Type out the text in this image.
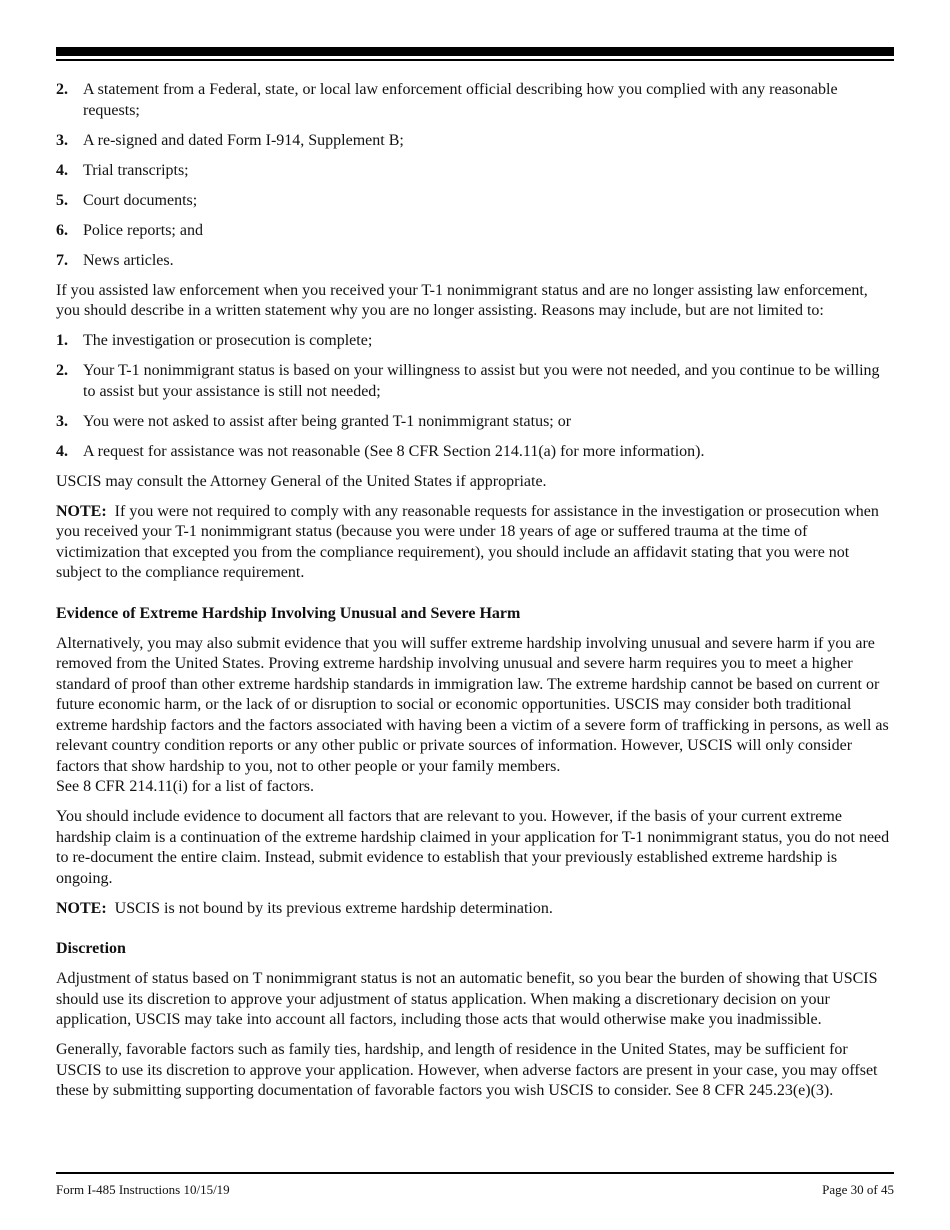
2. A statement from a Federal, state, or local law enforcement official describing how you complied with any reasonable requests;
3. A re-signed and dated Form I-914, Supplement B;
4. Trial transcripts;
5. Court documents;
6. Police reports; and
7. News articles.

If you assisted law enforcement when you received your T-1 nonimmigrant status and are no longer assisting law enforcement, you should describe in a written statement why you are no longer assisting. Reasons may include, but are not limited to:

1. The investigation or prosecution is complete;
2. Your T-1 nonimmigrant status is based on your willingness to assist but you were not needed, and you continue to be willing to assist but your assistance is still not needed;
3. You were not asked to assist after being granted T-1 nonimmigrant status; or
4. A request for assistance was not reasonable (See 8 CFR Section 214.11(a) for more information).

USCIS may consult the Attorney General of the United States if appropriate.

NOTE: If you were not required to comply with any reasonable requests for assistance in the investigation or prosecution when you received your T-1 nonimmigrant status (because you were under 18 years of age or suffered trauma at the time of victimization that excepted you from the compliance requirement), you should include an affidavit stating that you were not subject to the compliance requirement.

Evidence of Extreme Hardship Involving Unusual and Severe Harm

Alternatively, you may also submit evidence that you will suffer extreme hardship involving unusual and severe harm if you are removed from the United States. Proving extreme hardship involving unusual and severe harm requires you to meet a higher standard of proof than other extreme hardship standards in immigration law. The extreme hardship cannot be based on current or future economic harm, or the lack of or disruption to social or economic opportunities. USCIS may consider both traditional extreme hardship factors and the factors associated with having been a victim of a severe form of trafficking in persons, as well as relevant country condition reports or any other public or private sources of information. However, USCIS will only consider factors that show hardship to you, not to other people or your family members.
See 8 CFR 214.11(i) for a list of factors.

You should include evidence to document all factors that are relevant to you. However, if the basis of your current extreme hardship claim is a continuation of the extreme hardship claimed in your application for T-1 nonimmigrant status, you do not need to re-document the entire claim. Instead, submit evidence to establish that your previously established extreme hardship is ongoing.

NOTE: USCIS is not bound by its previous extreme hardship determination.

Discretion

Adjustment of status based on T nonimmigrant status is not an automatic benefit, so you bear the burden of showing that USCIS should use its discretion to approve your adjustment of status application. When making a discretionary decision on your application, USCIS may take into account all factors, including those acts that would otherwise make you inadmissible.

Generally, favorable factors such as family ties, hardship, and length of residence in the United States, may be sufficient for USCIS to use its discretion to approve your application. However, when adverse factors are present in your case, you may offset these by submitting supporting documentation of favorable factors you wish USCIS to consider. See 8 CFR 245.23(e)(3).

Form I-485 Instructions 10/15/19	Page 30 of 45
